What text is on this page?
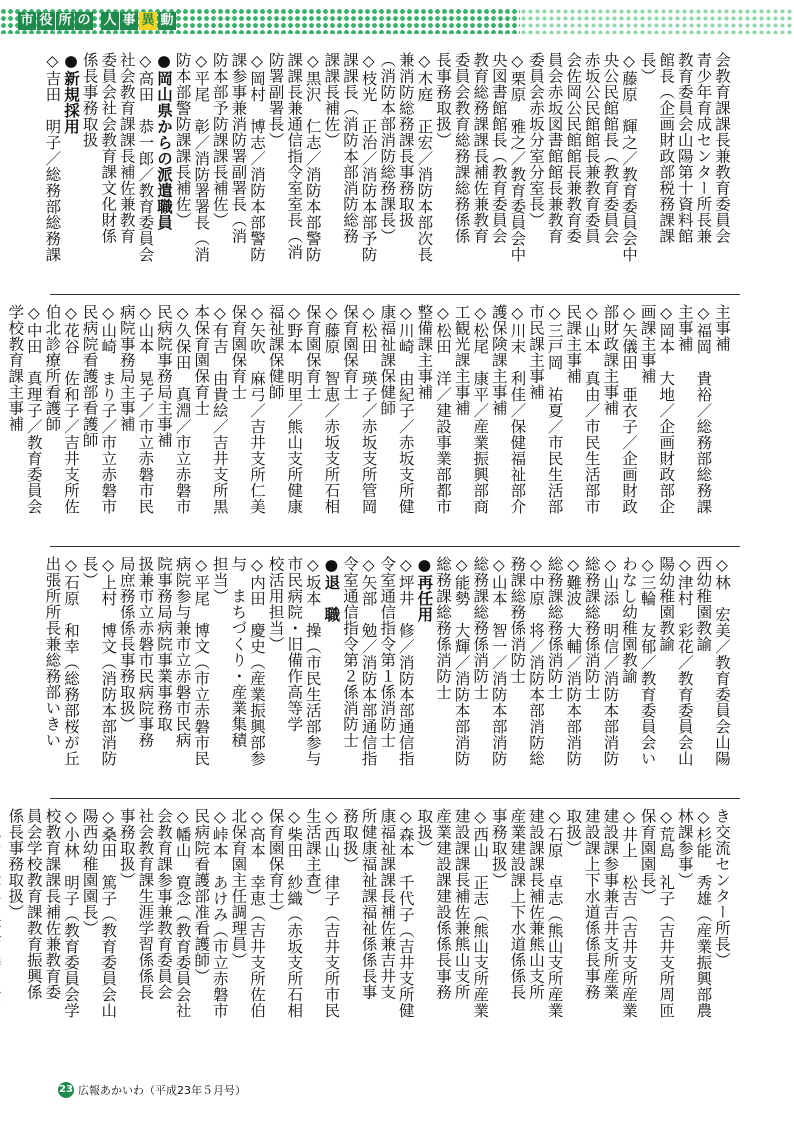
市 役 所 の 人 事 異 動
会教育課課長兼教育委員会
青少年育成センター所長兼
教育委員会山陽第十資料館
館長（企画財政部税務課課
長）
◇藤原　輝之／教育委員会中
央公民館館長（教育委員会
赤坂公民館館長兼教育委員
会佐岡公民館館長兼教育委
員会赤坂図書館館長兼教育
委員会赤坂分室分室長）
◇栗原　雅之／教育委員会中
央図書館館長（教育委員会
教育総務課課長補佐兼教育
委員会教育総務課総務係係
長事務取扱）
◇木庭　正宏／消防本部次長
兼消防総務課長事務取扱
（消防本部消防総務課長）
◇枝光　正治／消防本部予防
課課長（消防本部消防総務
課課長補佐）
◇黒沢　仁志／消防本部警防
課課長兼通信指令室室長（消
防署副署長）
◇岡村　博志／消防本部警防
課参事兼消防署副署長（消
防本部予防課課長補佐）
◇平尾　彰／消防署署長（消
防本部警防課課長補佐）
●岡山県からの派遣職員
◇高田　恭一郎／教育委員会
社会教育課課長補佐兼教育
委員会社会教育課文化財係
係長事務取扱
●新規採用
◇吉田　明子／総務部総務課
主事補
◇福岡　貴裕／総務部総務課
主事補
◇岡本　大地／企画財政部企
画課主事補
◇矢儀田　亜衣子／企画財政
部財政課主事補
◇山本　真由／市民生活部市
民課主事補
◇三戸岡　祐夏／市民生活部
市民課主事補
◇川末　利佳／保健福祉部介
護保険課主事補
◇松尾　康平／産業振興部商
工観光課主事補
◇松田　洋／建設事業部都市
整備課主事補
◇川崎　由紀子／赤坂支所健
康福祉課保健師
◇松田　瑛子／赤坂支所管岡
保育園保育士
◇藤原　智恵／赤坂支所石相
保育園保育士
◇野本　明里／熊山支所健康
福祉課保健師
◇矢吹　麻弓／吉井支所仁美
保育園保育士
◇有吉　由貴絵／吉井支所黒
本保育園保育士
◇久保田　真淵／市立赤磐市
民病院事務局主事補
◇山本　晃子／市立赤磐市民
病院事務局主事補
◇山崎　まり子／市立赤磐市
民病院看護部看護師
◇花谷　佐和子／吉井支所佐
伯北診療所看護師
◇中田　真理子／教育委員会
学校教育課主事補
◇林　宏美／教育委員会山陽
西幼稚園教諭
◇津村　彩花／教育委員会山
陽幼稚園教諭
◇三輪　友郁／教育委員会い
わなし幼稚園教諭
◇山添　明信／消防本部消防
総務課総務係消防士
◇難波　大輔／消防本部消防
総務課総務係消防士
◇中原　将／消防本部消防総
務課総務係消防士
◇山本　智一／消防本部消防
総務課総務係消防士
◇能勢　大輝／消防本部消防
総務課総務係消防士
●再任用
◇坪井　修／消防本部通信指
令室通信指令第１係消防士
◇矢部　勉／消防本部通信指
令室通信指令第２係消防士
●退　職
◇坂本　操（市民生活部参与
市民病院・旧備作高等学
校活用担当）
◇内田　慶史（産業振興部参
与　まちづくり・産業集積
担当）
◇平尾　博文（市立赤磐市民
病院参与兼市立赤磐市民病
院事務局病院事業事務取
扱兼市立赤磐市民病院事務
局庶務係係長事務取扱）
◇上村　博文（消防本部消防
長）
◇石原　和幸（総務部桜が丘
出張所所長兼総務部いきい
き交流センター所長）
◇杉能　秀雄（産業振興部農
林課参事）
◇荒島　礼子（吉井支所周匝
保育園園長）
◇井上　松吉（吉井支所産業
建設課参事兼吉井支所産業
建設課上下水道係係長事務
取扱）
◇石原　卓志（熊山支所産業
建設課課長補佐兼熊山支所
産業建設課上下水道係係長
事務取扱）
◇西山　正志（熊山支所産業
建設課課長補佐兼熊山支所
産業建設課建設係係長事務
取扱）
◇森本　千代子（吉井支所健
康福祉課課長補佐兼吉井支
所健康福祉課福祉係係長事
務取扱）
◇西山　律子（吉井支所市民
生活課主査）
◇柴田　紗織（赤坂支所石相
保育園保育士）
◇高本　幸恵（吉井支所佐伯
北保育園主任調理員）
◇峠本　あけみ（市立赤磐市
民病院看護部准看護師）
◇幡山　寛念（教育委員会社
会教育課参事兼教育委員会
社会教育課生涯学習係係長
事務取扱）
◇桑田　篤子（教育委員会山
陽西幼稚園園長）
◇小林　明子（教育委員会学
校教育課課長補佐兼教育委
員会学校教育課教育振興係
係長事務取扱）
23 広報あかいわ（平成23年５月号）
